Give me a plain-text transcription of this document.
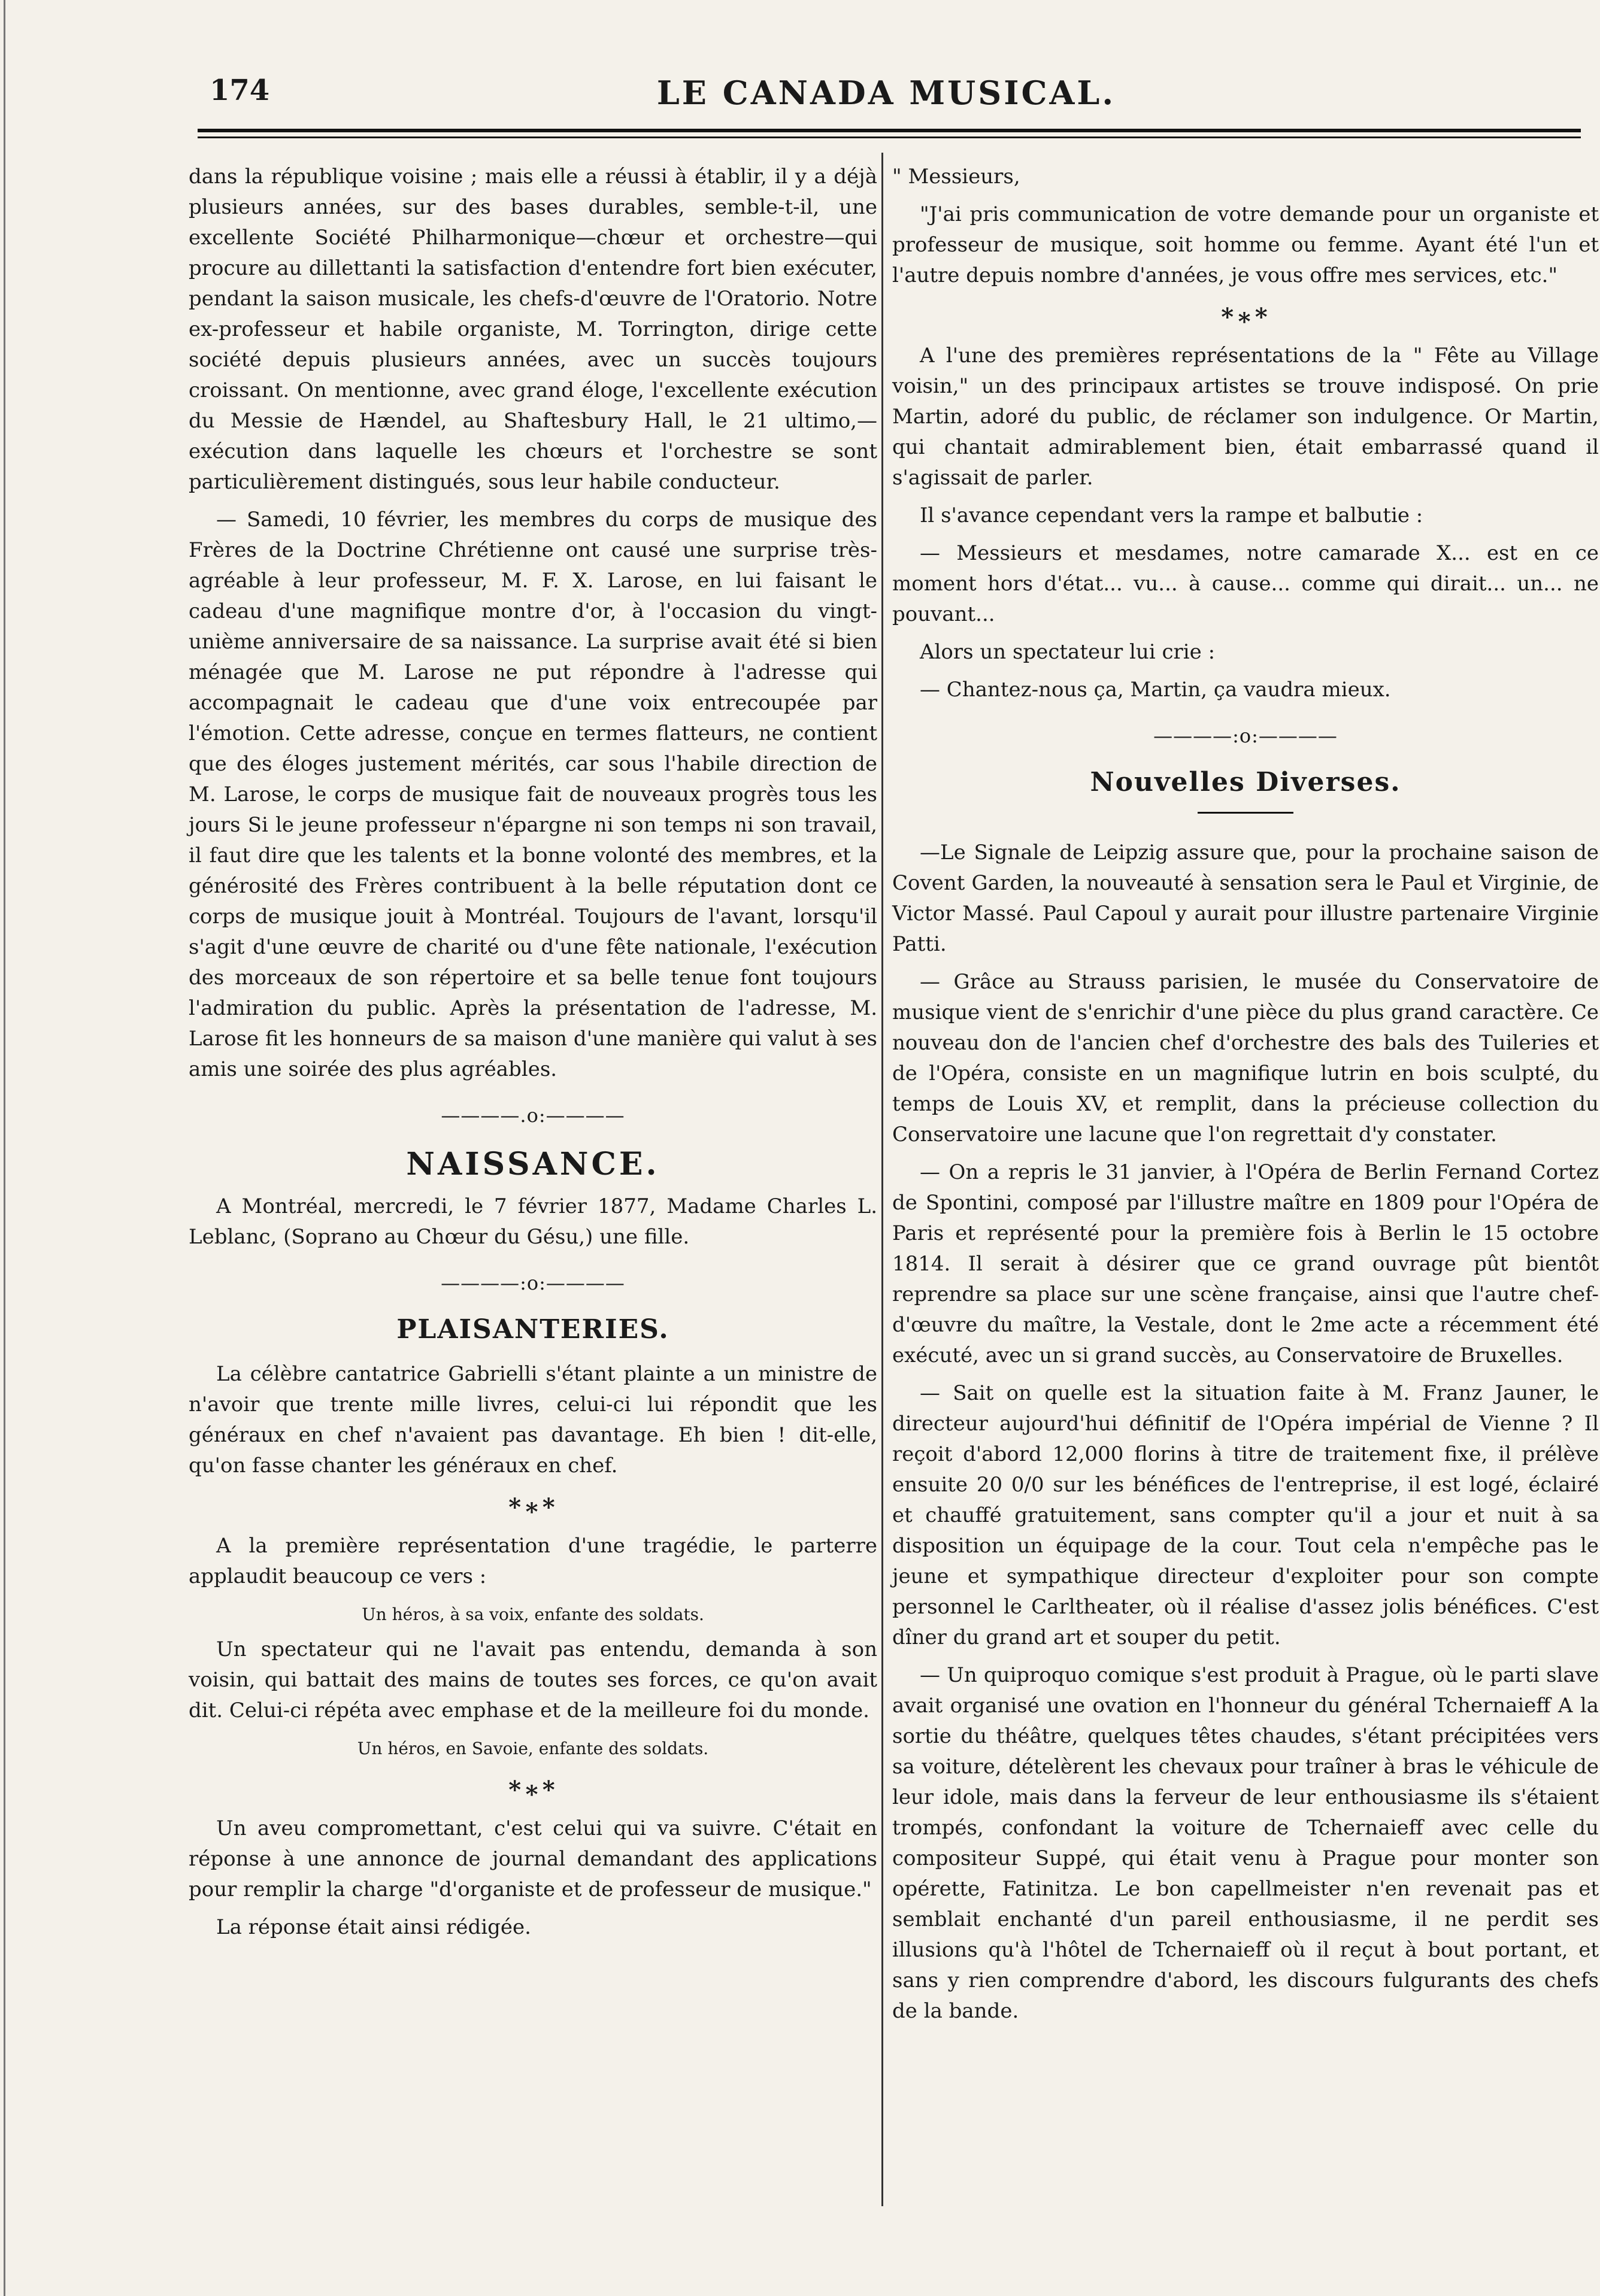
174	LE CANADA MUSICAL.

dans la république voisine ; mais elle a réussi à établir, il y a déjà plusieurs années, sur des bases durables, semble-t-il, une excellente Société Philharmonique—chœur et orchestre—qui procure au dillettanti la satisfaction d'entendre fort bien exécuter, pendant la saison musicale, les chefs-d'œuvre de l'Oratorio. Notre ex-professeur et habile organiste, M. Torrington, dirige cette société depuis plusieurs années, avec un succès toujours croissant. On mentionne, avec grand éloge, l'excellente exécution du Messie de Hændel, au Shaftesbury Hall, le 21 ultimo,—exécution dans laquelle les chœurs et l'orchestre se sont particulièrement distingués, sous leur habile conducteur.

— Samedi, 10 février, les membres du corps de musique des Frères de la Doctrine Chrétienne ont causé une surprise très-agréable à leur professeur, M. F. X. Larose, en lui faisant le cadeau d'une magnifique montre d'or, à l'occasion du vingt-unième anniversaire de sa naissance. La surprise avait été si bien ménagée que M. Larose ne put répondre à l'adresse qui accompagnait le cadeau que d'une voix entrecoupée par l'émotion. Cette adresse, conçue en termes flatteurs, ne contient que des éloges justement mérités, car sous l'habile direction de M. Larose, le corps de musique fait de nouveaux progrès tous les jours Si le jeune professeur n'épargne ni son temps ni son travail, il faut dire que les talents et la bonne volonté des membres, et la générosité des Frères contribuent à la belle réputation dont ce corps de musique jouit à Montréal. Toujours de l'avant, lorsqu'il s'agit d'une œuvre de charité ou d'une fête nationale, l'exécution des morceaux de son répertoire et sa belle tenue font toujours l'admiration du public. Après la présentation de l'adresse, M. Larose fit les honneurs de sa maison d'une manière qui valut à ses amis une soirée des plus agréables.

————.o:————
NAISSANCE.

A Montréal, mercredi, le 7 février 1877, Madame Charles L. Leblanc, (Soprano au Chœur du Gésu,) une fille.

————:o:————
PLAISANTERIES.

La célèbre cantatrice Gabrielli s'étant plainte a un ministre de n'avoir que trente mille livres, celui-ci lui répondit que les généraux en chef n'avaient pas davantage. Eh bien ! dit-elle, qu'on fasse chanter les généraux en chef.

*∗*

A la première représentation d'une tragédie, le parterre applaudit beaucoup ce vers :

Un héros, à sa voix, enfante des soldats.

Un spectateur qui ne l'avait pas entendu, demanda à son voisin, qui battait des mains de toutes ses forces, ce qu'on avait dit. Celui-ci répéta avec emphase et de la meilleure foi du monde.

Un héros, en Savoie, enfante des soldats.
*∗*

Un aveu compromettant, c'est celui qui va suivre. C'était en réponse à une annonce de journal demandant des applications pour remplir la charge "d'organiste et de professeur de musique."

La réponse était ainsi rédigée.

" Messieurs,

"J'ai pris communication de votre demande pour un organiste et professeur de musique, soit homme ou femme. Ayant été l'un et l'autre depuis nombre d'années, je vous offre mes services, etc."

*∗*

A l'une des premières représentations de la " Fête au Village voisin," un des principaux artistes se trouve indisposé. On prie Martin, adoré du public, de réclamer son indulgence. Or Martin, qui chantait admirablement bien, était embarrassé quand il s'agissait de parler.

Il s'avance cependant vers la rampe et balbutie :

— Messieurs et mesdames, notre camarade X... est en ce moment hors d'état... vu... à cause... comme qui dirait... un... ne pouvant...

Alors un spectateur lui crie :

— Chantez-nous ça, Martin, ça vaudra mieux.

————:o:————
Nouvelles Diverses.

—Le Signale de Leipzig assure que, pour la prochaine saison de Covent Garden, la nouveauté à sensation sera le Paul et Virginie, de Victor Massé. Paul Capoul y aurait pour illustre partenaire Virginie Patti.

— Grâce au Strauss parisien, le musée du Conservatoire de musique vient de s'enrichir d'une pièce du plus grand caractère. Ce nouveau don de l'ancien chef d'orchestre des bals des Tuileries et de l'Opéra, consiste en un magnifique lutrin en bois sculpté, du temps de Louis XV, et remplit, dans la précieuse collection du Conservatoire une lacune que l'on regrettait d'y constater.

— On a repris le 31 janvier, à l'Opéra de Berlin Fernand Cortez de Spontini, composé par l'illustre maître en 1809 pour l'Opéra de Paris et représenté pour la première fois à Berlin le 15 octobre 1814. Il serait à désirer que ce grand ouvrage pût bientôt reprendre sa place sur une scène française, ainsi que l'autre chef-d'œuvre du maître, la Vestale, dont le 2me acte a récemment été exécuté, avec un si grand succès, au Conservatoire de Bruxelles.

— Sait on quelle est la situation faite à M. Franz Jauner, le directeur aujourd'hui définitif de l'Opéra impérial de Vienne ? Il reçoit d'abord 12,000 florins à titre de traitement fixe, il prélève ensuite 20 0/0 sur les bénéfices de l'entreprise, il est logé, éclairé et chauffé gratuitement, sans compter qu'il a jour et nuit à sa disposition un équipage de la cour. Tout cela n'empêche pas le jeune et sympathique directeur d'exploiter pour son compte personnel le Carltheater, où il réalise d'assez jolis bénéfices. C'est dîner du grand art et souper du petit.

— Un quiproquo comique s'est produit à Prague, où le parti slave avait organisé une ovation en l'honneur du général Tchernaieff A la sortie du théâtre, quelques têtes chaudes, s'étant précipitées vers sa voiture, dételèrent les chevaux pour traîner à bras le véhicule de leur idole, mais dans la ferveur de leur enthousiasme ils s'étaient trompés, confondant la voiture de Tchernaieff avec celle du compositeur Suppé, qui était venu à Prague pour monter son opérette, Fatinitza. Le bon capellmeister n'en revenait pas et semblait enchanté d'un pareil enthousiasme, il ne perdit ses illusions qu'à l'hôtel de Tchernaieff où il reçut à bout portant, et sans y rien comprendre d'abord, les discours fulgurants des chefs de la bande.
